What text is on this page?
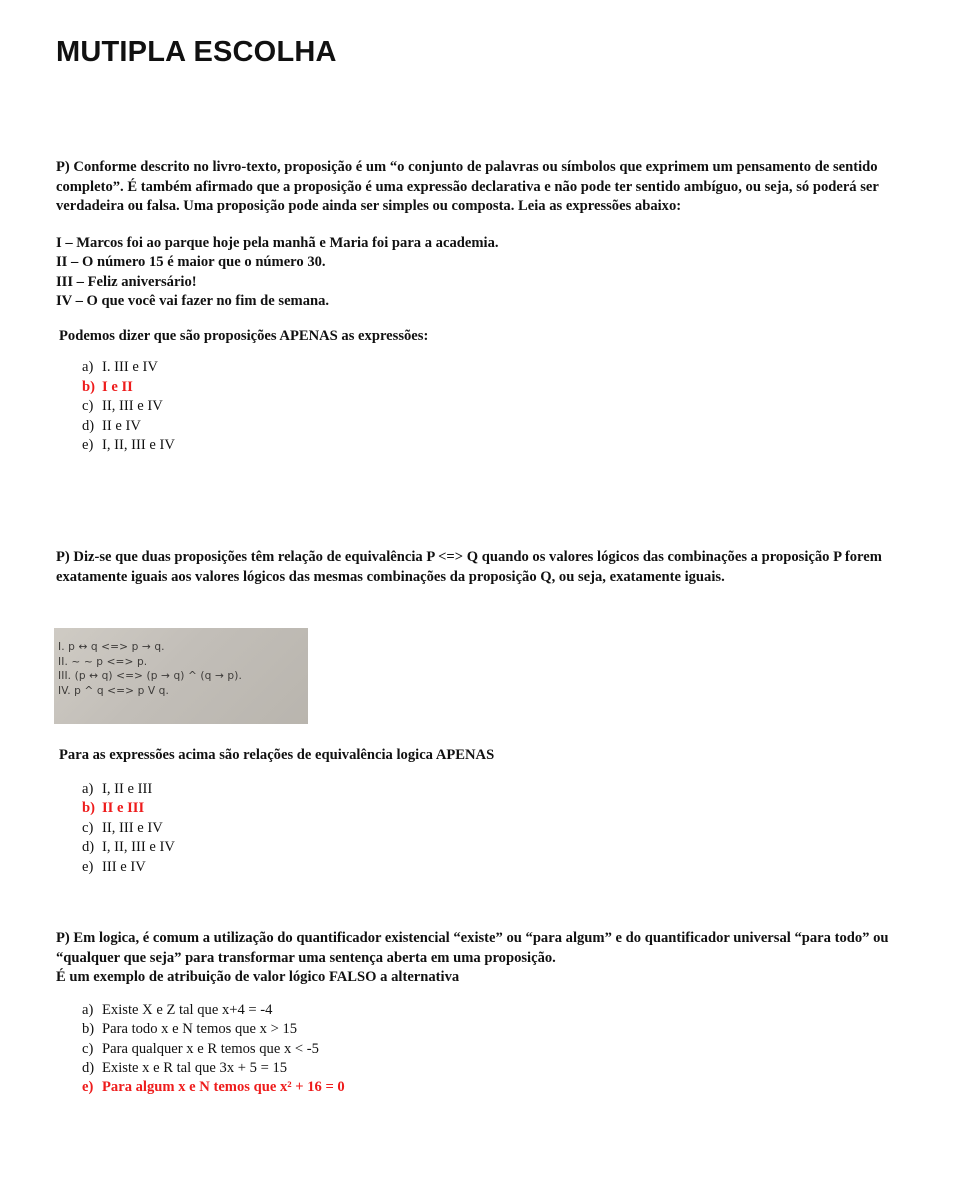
MUTIPLA ESCOLHA

P) Conforme descrito no livro-texto, proposição é um “o conjunto de palavras ou símbolos que exprimem um pensamento de sentido completo”. É também afirmado que a proposição é uma expressão declarativa e não pode ter sentido ambíguo, ou seja, só poderá ser verdadeira ou falsa. Uma proposição pode ainda ser simples ou composta. Leia as expressões abaixo:

I – Marcos foi ao parque hoje pela manhã e Maria foi para a academia.
II – O número 15 é maior que o número 30.
III – Feliz aniversário!
IV – O que você vai fazer no fim de semana.

Podemos dizer que são proposições APENAS as expressões:

a) I. III e IV
b) I e II
c) II, III e IV
d) II e IV
e) I, II, III e IV

P) Diz-se que duas proposições têm relação de equivalência P <=> Q quando os valores lógicos das combinações a proposição P forem exatamente iguais aos valores lógicos das mesmas combinações da proposição Q, ou seja, exatamente iguais.

I. p ↔ q <=> p → q.
II. ~ ~ p <=> p.
III. (p ↔ q) <=> (p → q) ^ (q → p).
IV. p ^ q <=> p V q.

Para as expressões acima são relações de equivalência logica APENAS

a) I, II e III
b) II e III
c) II, III e IV
d) I, II, III e IV
e) III e IV

P) Em logica, é comum a utilização do quantificador existencial “existe” ou “para algum” e do quantificador universal “para todo” ou “qualquer que seja” para transformar uma sentença aberta em uma proposição.

É um exemplo de atribuição de valor lógico FALSO a alternativa

a) Existe X e Z tal que x+4 = -4
b) Para todo x e N temos que x > 15
c) Para qualquer x e R temos que x < -5
d) Existe x e R tal que 3x + 5 = 15
e) Para algum x e N temos que x² + 16 = 0
